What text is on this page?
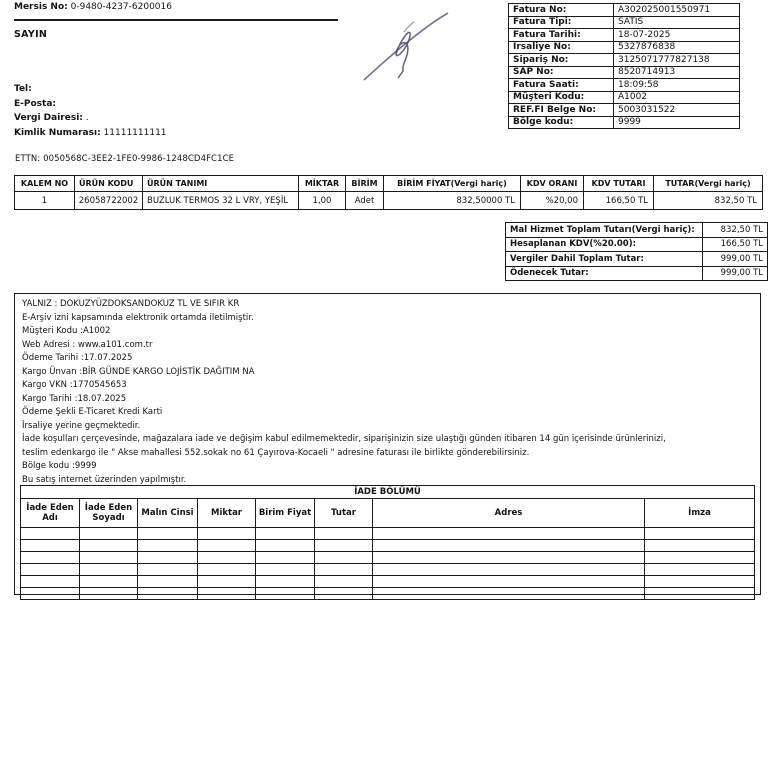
Mersis No: 0-9480-4237-6200016
SAYIN
Tel:
E-Posta:
Vergi Dairesi: .
Kimlik Numarası: 11111111111
Fatura No:	A302025001550971
Fatura Tipi:	SATIS
Fatura Tarihi:	18-07-2025
İrsaliye No:	5327876838
Sipariş No:	3125071777827138
SAP No:	8520714913
Fatura Saati:	18:09:58
Müşteri Kodu:	A1002
REF.FI Belge No:	5003031522
Bölge kodu:	9999
ETTN: 0050568C-3EE2-1FE0-9986-1248CD4FC1CE
KALEM NO	ÜRÜN KODU	ÜRÜN TANIMI	MİKTAR	BİRİM	BİRİM FİYAT(Vergi hariç)	KDV ORANI	KDV TUTARI	TUTAR(Vergi hariç)
1	26058722002	BUZLUK TERMOS 32 L VRY, YEŞİL	1,00	Adet	832,50000 TL	%20,00	166,50 TL	832,50 TL
Mal Hizmet Toplam Tutarı(Vergi hariç):	832,50 TL
Hesaplanan KDV(%20.00):	166,50 TL
Vergiler Dahil Toplam Tutar:	999,00 TL
Ödenecek Tutar:	999,00 TL
YALNIZ : DOKUZYÜZDOKSANDOKUZ TL VE SIFIR KR
E-Arşiv izni kapsamında elektronik ortamda iletilmiştir.
Müşteri Kodu :A1002
Web Adresi : www.a101.com.tr
Ödeme Tarihi :17.07.2025
Kargo Ünvan :BİR GÜNDE KARGO LOJİSTİK DAĞITIM NA
Kargo VKN :1770545653
Kargo Tarihi :18.07.2025
Ödeme Şekli E-Ticaret Kredi Karti
İrsaliye yerine geçmektedir.
İade koşulları çerçevesinde, mağazalara iade ve değişim kabul edilmemektedir, siparişinizin size ulaştığı günden itibaren 14 gün içerisinde ürünlerinizi,
teslim edenkargo ile " Akse mahallesi 552.sokak no 61 Çayırova-Kocaeli " adresine faturası ile birlikte gönderebilirsiniz.
Bölge kodu :9999
Bu satış internet üzerinden yapılmıştır.
İADE BÖLÜMÜ							
İade Eden Adı	İade Eden Soyadı	Malın Cinsi	Miktar	Birim Fiyat	Tutar	Adres	İmza
